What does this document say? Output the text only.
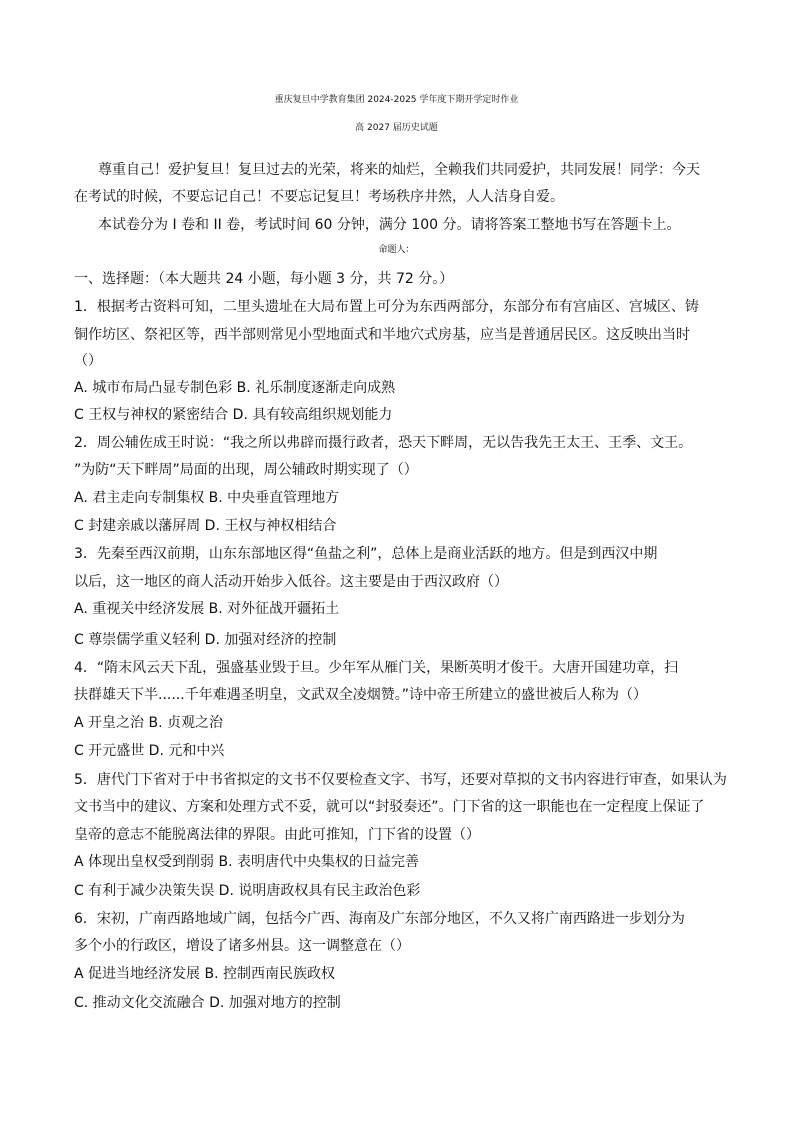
重庆复旦中学教育集团 2024-2025 学年度下期开学定时作业
高 2027 届历史试题
尊重自己！爱护复旦！复旦过去的光荣，将来的灿烂，全赖我们共同爱护，共同发展！同学：今天
在考试的时候，不要忘记自己！不要忘记复旦！考场秩序井然，人人洁身自爱。
本试卷分为 I 卷和 II 卷，考试时间 60 分钟，满分 100 分。请将答案工整地书写在答题卡上。
命题人：
一、选择题：（本大题共 24 小题，每小题 3 分，共 72 分。）
1．根据考古资料可知，二里头遗址在大局布置上可分为东西两部分，东部分布有宫庙区、宫城区、铸
铜作坊区、祭祀区等，西半部则常见小型地面式和半地穴式房基，应当是普通居民区。这反映出当时
（）
A. 城市布局凸显专制色彩 B. 礼乐制度逐渐走向成熟
C 王权与神权的紧密结合 D. 具有较高组织规划能力
2．周公辅佐成王时说：“我之所以弗辟而摄行政者，恐天下畔周，无以告我先王太王、王季、文王。
”为防“天下畔周”局面的出现，周公辅政时期实现了（）
A. 君主走向专制集权 B. 中央垂直管理地方
C 封建亲戚以藩屏周 D. 王权与神权相结合
3．先秦至西汉前期，山东东部地区得“鱼盐之利”，总体上是商业活跃的地方。但是到西汉中期
以后，这一地区的商人活动开始步入低谷。这主要是由于西汉政府（）
A. 重视关中经济发展 B. 对外征战开疆拓土
C 尊崇儒学重义轻利 D. 加强对经济的控制
4．“隋末风云天下乱，强盛基业毁于旦。少年军从雁门关，果断英明才俊干。大唐开国建功章，扫
扶群雄天下半......千年难遇圣明皇，文武双全凌烟赞。”诗中帝王所建立的盛世被后人称为（）
A 开皇之治 B. 贞观之治
C 开元盛世 D. 元和中兴
5．唐代门下省对于中书省拟定的文书不仅要检查文字、书写，还要对草拟的文书内容进行审查，如果认为
文书当中的建议、方案和处理方式不妥，就可以“封驳奏还”。门下省的这一职能也在一定程度上保证了
皇帝的意志不能脱离法律的界限。由此可推知，门下省的设置（）
A 体现出皇权受到削弱 B. 表明唐代中央集权的日益完善
C 有利于减少决策失误 D. 说明唐政权具有民主政治色彩
6．宋初，广南西路地域广阔，包括今广西、海南及广东部分地区，不久又将广南西路进一步划分为
多个小的行政区，增设了诸多州县。这一调整意在（）
A 促进当地经济发展 B. 控制西南民族政权
C. 推动文化交流融合 D. 加强对地方的控制
